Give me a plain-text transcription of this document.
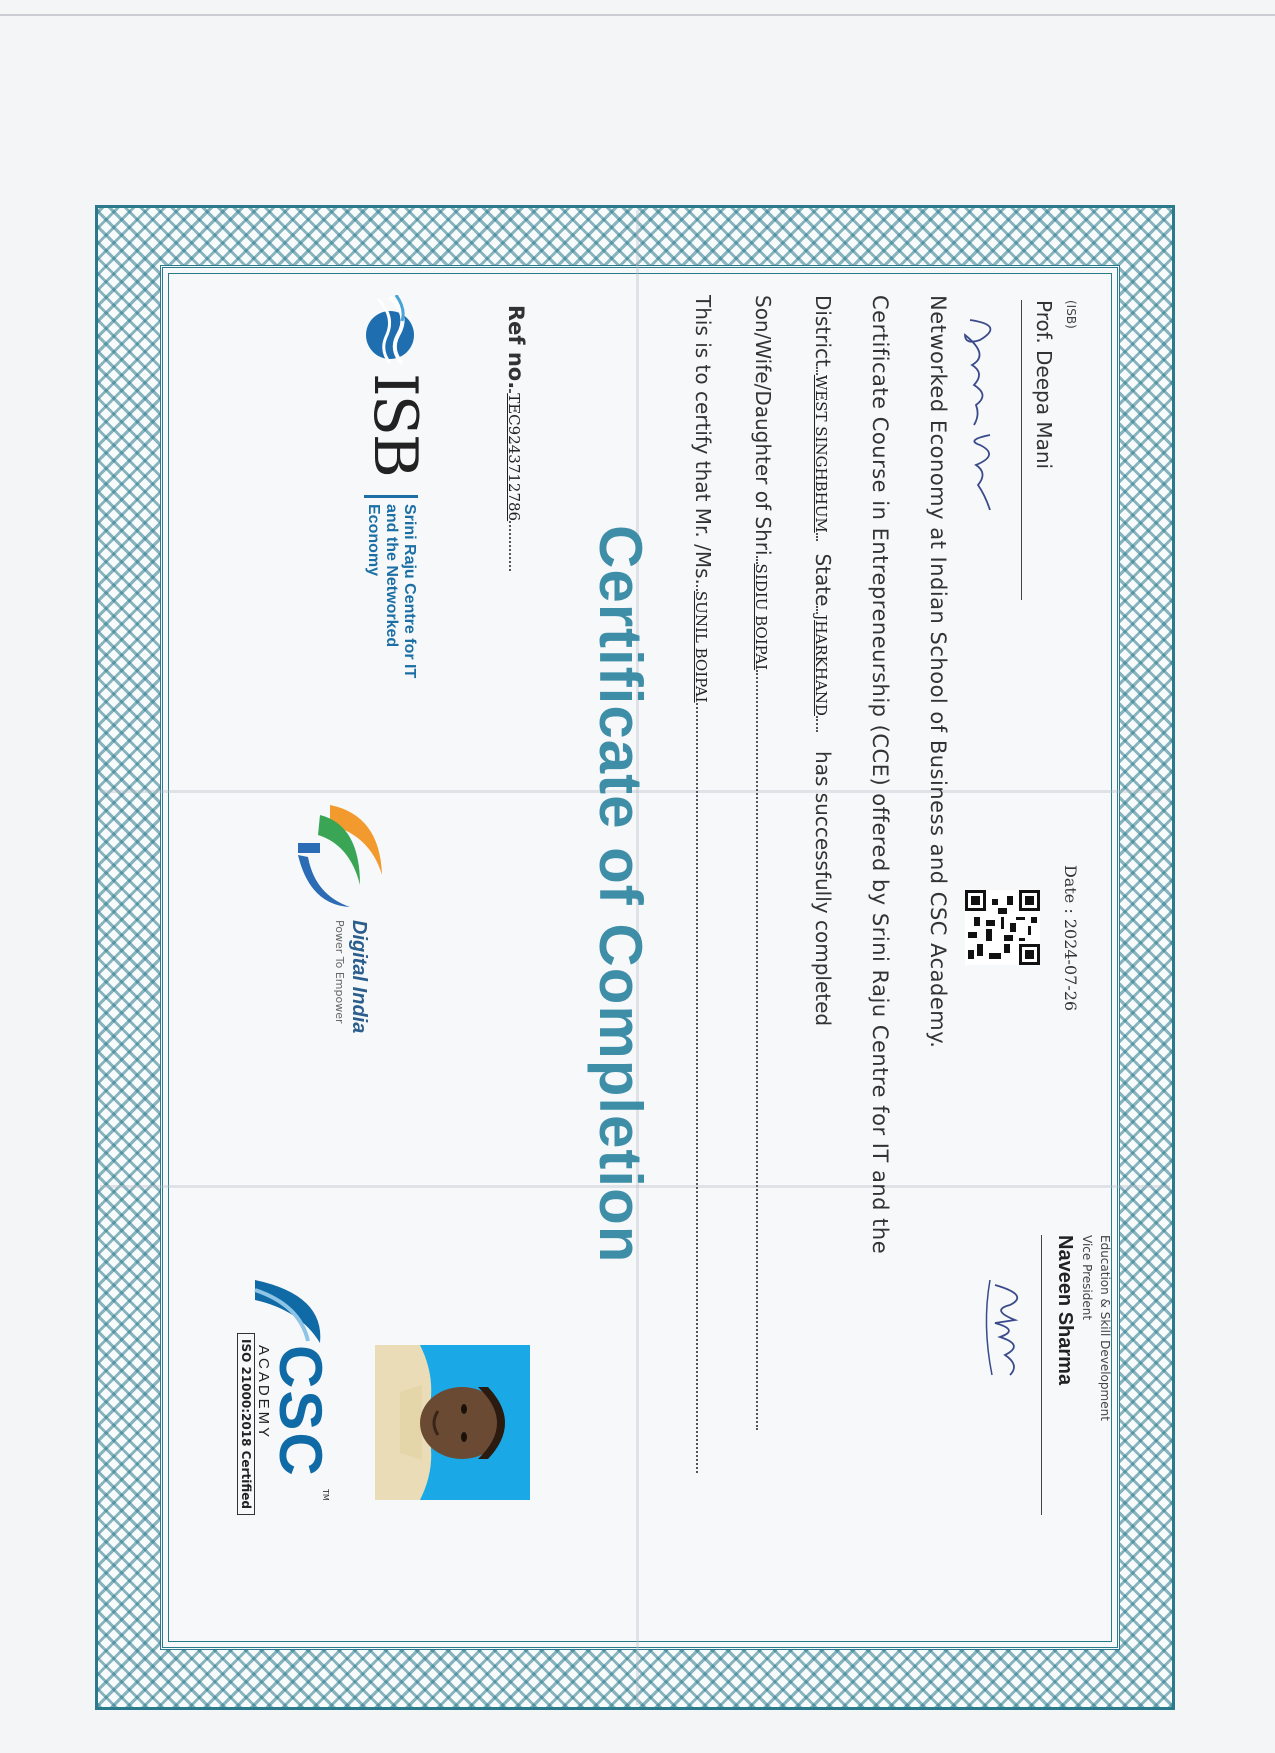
ISB
Srini Raju Centre for IT
and the Networked Economy
Digital India
Power To Empower
CSC
TM
ACADEMY
ISO 21000:2018 Certified
Ref no.TEC9243712786
Certificate of Completion
This is to certify that Mr. /Ms.SUNIL BOIPAI
Son/Wife/Daughter of ShriSIDIU BOIPAI
DistrictWEST SINGHBHUM  StateJHARKHAND   has successfully completed Certificate Course in Entrepreneurship (CCE) offered by Srini Raju Centre for IT and the Networked Economy at Indian School of Business and CSC Academy.	Date : 2024-07-26
Prof. Deepa Mani (ISB)
Naveen Sharma Vice President Education & Skill Development
